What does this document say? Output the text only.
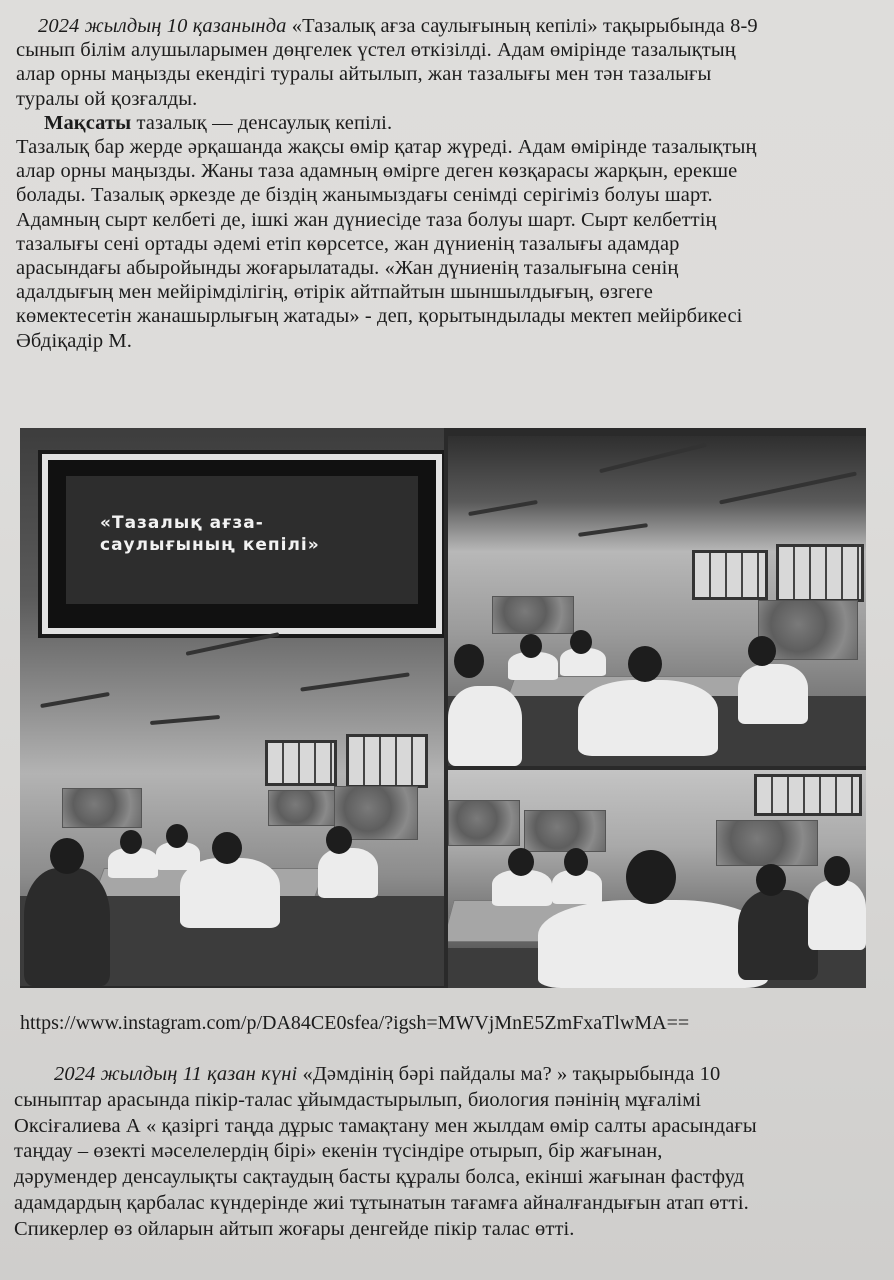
2024 жылдың 10 қазанында «Тазалық ағза саулығының кепілі» тақырыбында 8-9
сынып білім алушыларымен дөңгелек үстел өткізілді. Адам өмірінде тазалықтың
алар орны маңызды екендігі туралы айтылып, жан тазалығы мен тән тазалығы
туралы ой қозғалды.
Мақсаты тазалық — денсаулық кепілі.
Тазалық бар жерде әрқашанда жақсы өмір қатар жүреді. Адам өмірінде тазалықтың
алар орны маңызды. Жаны таза адамның өмірге деген көзқарасы жарқын, ерекше
болады. Тазалық әркезде де біздің жанымыздағы сенімді серігіміз болуы шарт.
Адамның сырт келбеті де, ішкі жан дүниесіде таза болуы шарт. Сырт келбеттің
тазалығы сені ортады әдемі етіп көрсетсе, жан дүниенің тазалығы адамдар
арасындағы абыройынды жоғарылатады. «Жан дүниенің тазалығына сенің
адалдығың мен мейірімділігің, өтірік айтпайтын шыншылдығың, өзгеге
көмектесетін жанашырлығың жатады» - деп, қорытындылады мектеп мейірбикесі
Әбдіқадір М.
«Тазалық ағза-саулығының кепілі»
https://www.instagram.com/p/DA84CE0sfea/?igsh=MWVjMnE5ZmFxaTlwMA==
2024 жылдың 11 қазан күні «Дәмдінің бәрі пайдалы ма? » тақырыбында 10
сыныптар арасында пікір-талас ұйымдастырылып, биология пәнінің мұғалімі
Оксіғалиева А « қазіргі таңда дұрыс тамақтану мен жылдам өмір салты арасындағы
таңдау – өзекті мәселелердің бірі» екенін түсіндіре отырып, бір жағынан,
дәрумендер денсаулықты сақтаудың басты құралы болса, екінші жағынан фастфуд
адамдардың қарбалас күндерінде жиі тұтынатын тағамға айналғандығын атап өтті.
Спикерлер өз ойларын айтып жоғары денгейде пікір талас өтті.
